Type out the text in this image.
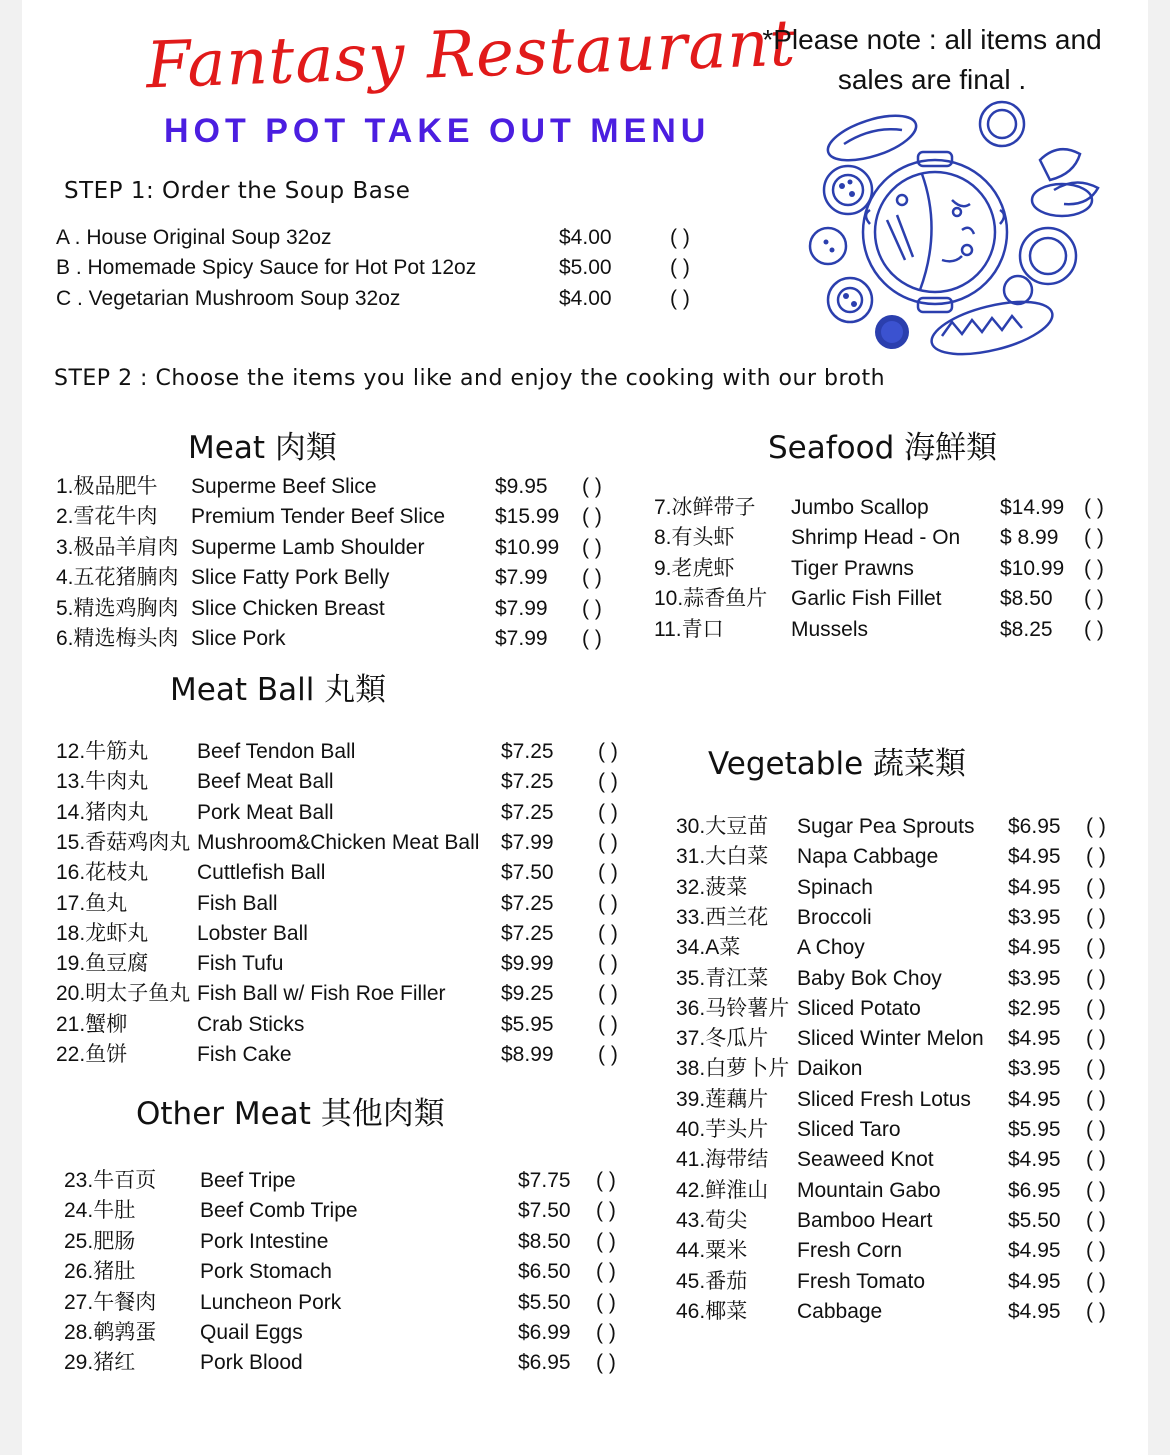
Fantasy Restaurant
HOT POT TAKE OUT MENU
*Please note : all items and sales are final .
STEP 1: Order the Soup Base
A . House Original Soup 32oz	$4.00	( )
B . Homemade Spicy Sauce for Hot Pot 12oz	$5.00	( )
C . Vegetarian Mushroom Soup 32oz	$4.00	( )
STEP 2 : Choose the items you like and enjoy the cooking with our broth
Meat 肉類	Seafood 海鮮類
Meat Ball 丸類
Vegetable 蔬菜類
Other Meat 其他肉類
1.极品肥牛 Superme Beef Slice	$9.95 ( )
2.雪花牛肉 Premium Tender Beef Slice $15.99 ( )
3.极品羊肩肉 Superme Lamb Shoulder	$10.99 ( )
4.五花猪腩肉 Slice Fatty Pork Belly	$7.99 ( )
5.精选鸡胸肉 Slice Chicken Breast	$7.99 ( )
6.精选梅头肉 Slice Pork	$7.99 ( )
7.冰鲜带子 Jumbo Scallop	$14.99 ( )
8.有头虾	Shrimp Head - On $ 8.99 ( )
9.老虎虾	Tiger Prawns	$10.99 ( )
10.蒜香鱼片 Garlic Fish Fillet	$8.50 ( )
11.青口	Mussels	$8.25 ( )
12.牛筋丸 Beef Tendon Ball	$7.25 ( )
13.牛肉丸 Beef Meat Ball	$7.25 ( )
14.猪肉丸 Pork Meat Ball	$7.25 ( )
15.香菇鸡肉丸 Mushroom&Chicken Meat Ball $7.99 ( )
16.花枝丸 Cuttlefish Ball	$7.50 ( )
17.鱼丸	Fish Ball	$7.25 ( )
18.龙虾丸 Lobster Ball	$7.25 ( )
19.鱼豆腐 Fish Tufu	$9.99 ( )
20.明太子鱼丸 Fish Ball w/ Fish Roe Filler	$9.25 ( )
21.蟹柳	Crab Sticks	$5.95 ( )
22.鱼饼	Fish Cake	$8.99 ( )
23.牛百页 Beef Tripe	$7.75 ( )
24.牛肚	Beef Comb Tripe	$7.50 ( )
25.肥肠	Pork Intestine	$8.50 ( )
26.猪肚	Pork Stomach	$6.50 ( )
27.午餐肉 Luncheon Pork	$5.50 ( )
28.鹌鹑蛋 Quail Eggs	$6.99 ( )
29.猪红	Pork Blood	$6.95 ( )
30.大豆苗 Sugar Pea Sprouts $6.95 ( )
31.大白菜 Napa Cabbage	$4.95 ( )
32.菠菜 Spinach	$4.95 ( )
33.西兰花 Broccoli	$3.95 ( )
34.A菜	A Choy	$4.95 ( )
35.青江菜 Baby Bok Choy	$3.95 ( )
36.马铃薯片 Sliced Potato	$2.95 ( )
37.冬瓜片 Sliced Winter Melon $4.95 ( )
38.白萝卜片 Daikon	$3.95 ( )
39.莲藕片 Sliced Fresh Lotus $4.95 ( )
40.芋头片 Sliced Taro	$5.95 ( )
41.海带结 Seaweed Knot	$4.95 ( )
42.鲜淮山 Mountain Gabo	$6.95 ( )
43.荀尖 Bamboo Heart	$5.50 ( )
44.粟米 Fresh Corn	$4.95 ( )
45.番茄 Fresh Tomato	$4.95 ( )
46.椰菜 Cabbage	$4.95 ( )
